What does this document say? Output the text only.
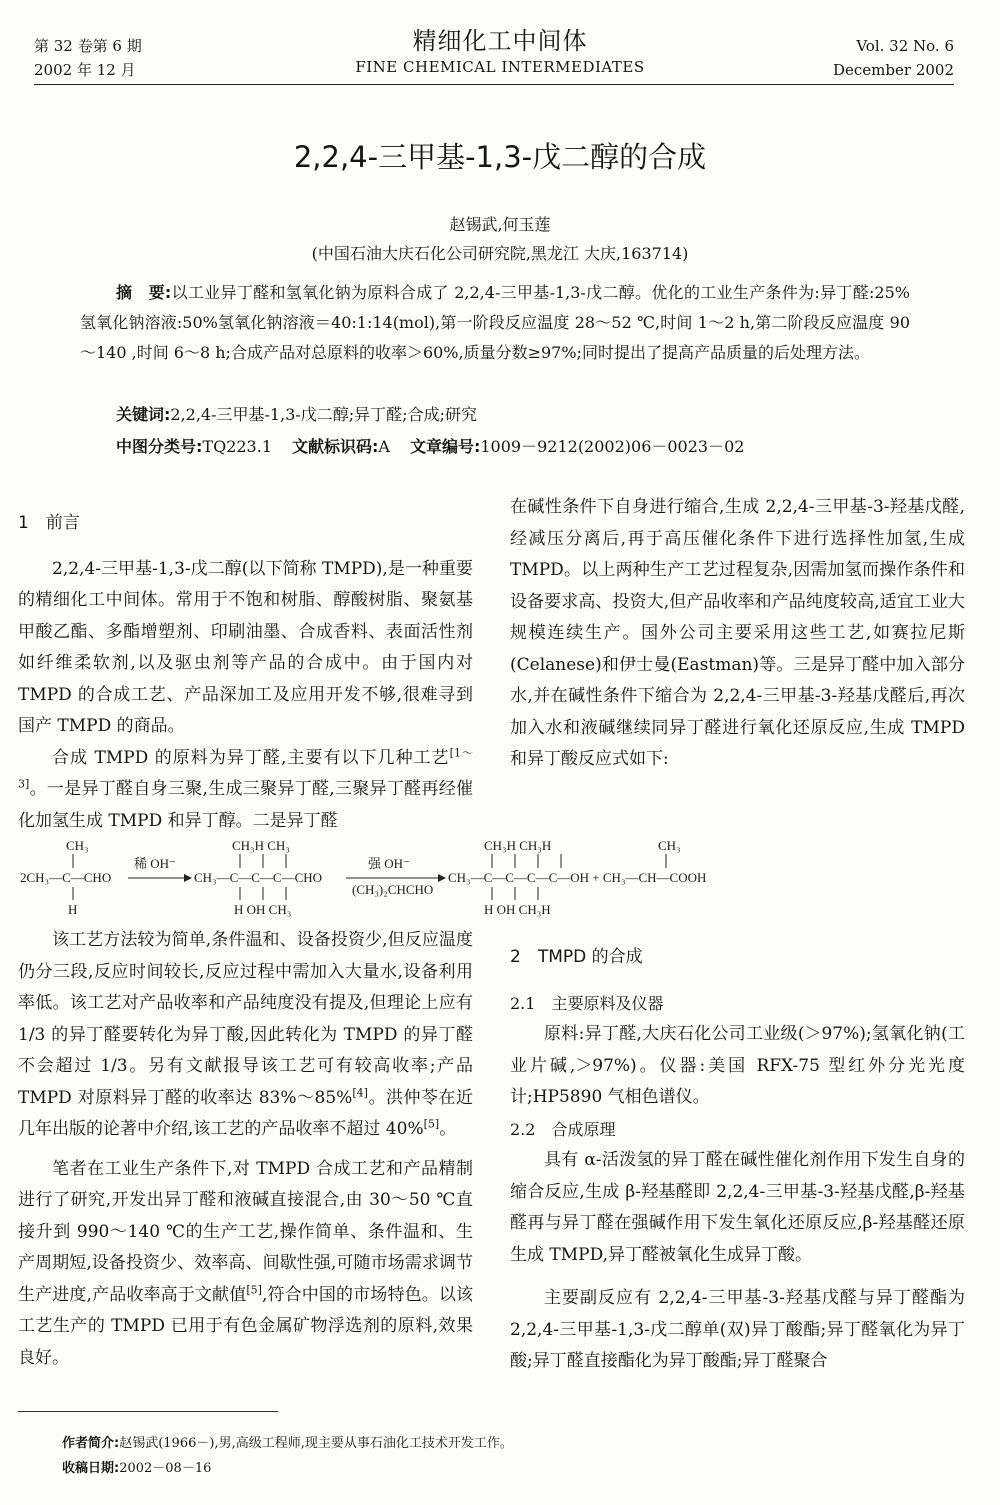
第 32 卷第 6 期
2002 年 12 月
精细化工中间体
FINE CHEMICAL INTERMEDIATES
Vol. 32 No. 6
December 2002
2,2,4-三甲基-1,3-戊二醇的合成
赵锡武,何玉莲
(中国石油大庆石化公司研究院,黑龙江 大庆,163714)
摘　要:以工业异丁醛和氢氧化钠为原料合成了 2,2,4-三甲基-1,3-戊二醇。优化的工业生产条件为:异丁醛:25%氢氧化钠溶液:50%氢氧化钠溶液＝40:1:14(mol),第一阶段反应温度 28～52 ℃,时间 1～2 h,第二阶段反应温度 90～140 ,时间 6～8 h;合成产品对总原料的收率＞60%,质量分数≥97%;同时提出了提高产品质量的后处理方法。
关键词:2,2,4-三甲基-1,3-戊二醇;异丁醛;合成;研究
中图分类号:TQ223.1 文献标识码:A 文章编号:1009－9212(2002)06－0023－02

1　前言

2,2,4-三甲基-1,3-戊二醇(以下简称 TMPD),是一种重要的精细化工中间体。常用于不饱和树脂、醇酸树脂、聚氨基甲酸乙酯、多酯增塑剂、印刷油墨、合成香料、表面活性剂如纤维柔软剂,以及驱虫剂等产品的合成中。由于国内对 TMPD 的合成工艺、产品深加工及应用开发不够,很难寻到国产 TMPD 的商品。

合成 TMPD 的原料为异丁醛,主要有以下几种工艺[1～3]。一是异丁醛自身三聚,生成三聚异丁醛,三聚异丁醛再经催化加氢生成 TMPD 和异丁醇。二是异丁醛

在碱性条件下自身进行缩合,生成 2,2,4-三甲基-3-羟基戊醛,经减压分离后,再于高压催化条件下进行选择性加氢,生成 TMPD。以上两种生产工艺过程复杂,因需加氢而操作条件和设备要求高、投资大,但产品收率和产品纯度较高,适宜工业大规模连续生产。国外公司主要采用这些工艺,如赛拉尼斯(Celanese)和伊士曼(Eastman)等。三是异丁醛中加入部分水,并在碱性条件下缩合为 2,2,4-三甲基-3-羟基戊醛后,再次加入水和液碱继续同异丁醛进行氧化还原反应,生成 TMPD 和异丁酸反应式如下:

CH₃
2CH₃—C—CHO
H
稀 OH⁻
CH₃H CH₃
CH₃—C—C—C—CHO
H OH CH₃
强 OH⁻
(CH₃)₂CHCHO
CH₃H CH₃H
CH₃—C—C—C—C—OH + CH₃—CH—COOH
H OH CH₃H
CH₃

该工艺方法较为简单,条件温和、设备投资少,但反应温度仍分三段,反应时间较长,反应过程中需加入大量水,设备利用率低。该工艺对产品收率和产品纯度没有提及,但理论上应有 1/3 的异丁醛要转化为异丁酸,因此转化为 TMPD 的异丁醛不会超过 1/3。另有文献报导该工艺可有较高收率;产品 TMPD 对原料异丁醛的收率达 83%～85%[4]。洪仲苓在近几年出版的论著中介绍,该工艺的产品收率不超过 40%[5]。

笔者在工业生产条件下,对 TMPD 合成工艺和产品精制进行了研究,开发出异丁醛和液碱直接混合,由 30～50 ℃直接升到 990～140 ℃的生产工艺,操作简单、条件温和、生产周期短,设备投资少、效率高、间歇性强,可随市场需求调节生产进度,产品收率高于文献值[5],符合中国的市场特色。以该工艺生产的 TMPD 已用于有色金属矿物浮选剂的原料,效果良好。

2　TMPD 的合成

2.1　主要原料及仪器

原料:异丁醛,大庆石化公司工业级(＞97%);氢氧化钠(工业片碱,＞97%)。仪器:美国 RFX-75 型红外分光光度计;HP5890 气相色谱仪。

2.2　合成原理

具有 α-活泼氢的异丁醛在碱性催化剂作用下发生自身的缩合反应,生成 β-羟基醛即 2,2,4-三甲基-3-羟基戊醛,β-羟基醛再与异丁醛在强碱作用下发生氧化还原反应,β-羟基醛还原生成 TMPD,异丁醛被氧化生成异丁酸。

主要副反应有 2,2,4-三甲基-3-羟基戊醛与异丁醛酯为 2,2,4-三甲基-1,3-戊二醇单(双)异丁酸酯;异丁醛氧化为异丁酸;异丁醛直接酯化为异丁酸酯;异丁醛聚合

作者简介:赵锡武(1966－),男,高级工程师,现主要从事石油化工技术开发工作。
收稿日期:2002－08－16
